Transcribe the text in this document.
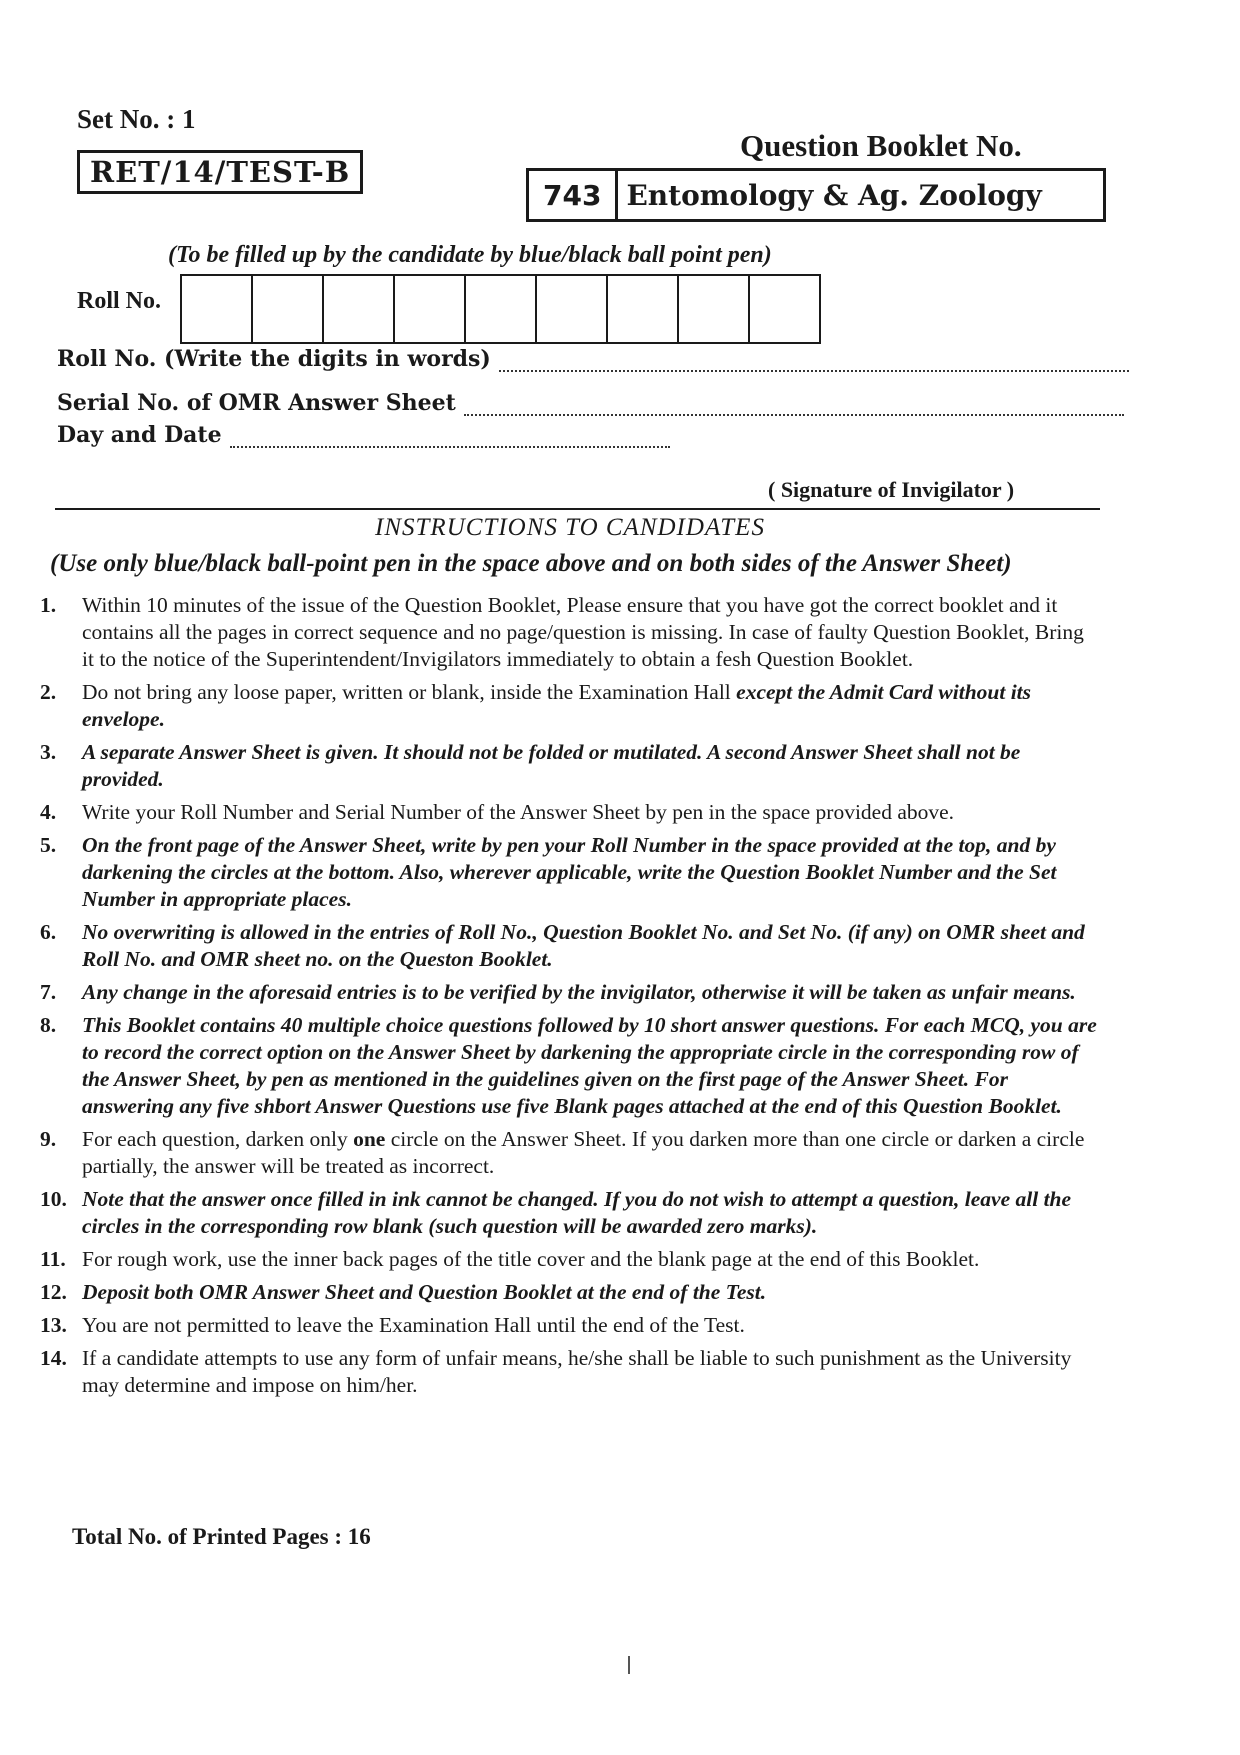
Set No. : 1
RET/14/TEST-B
Question Booklet No.
743 Entomology & Ag. Zoology
(To be filled up by the candidate by blue/black ball point pen)
Roll No.
Roll No. (Write the digits in words)
Serial No. of OMR Answer Sheet
Day and Date
( Signature of Invigilator )
INSTRUCTIONS TO CANDIDATES
(Use only blue/black ball-point pen in the space above and on both sides of the Answer Sheet)
1.	Within 10 minutes of the issue of the Question Booklet, Please ensure that you have got the correct booklet and it contains all the pages in correct sequence and no page/question is missing. In case of faulty Question Booklet, Bring it to the notice of the Superintendent/Invigilators immediately to obtain a fesh Question Booklet.
2.	Do not bring any loose paper, written or blank, inside the Examination Hall except the Admit Card without its envelope.
3.	A separate Answer Sheet is given. It should not be folded or mutilated. A second Answer Sheet shall not be provided.
4.	Write your Roll Number and Serial Number of the Answer Sheet by pen in the space provided above.
5.	On the front page of the Answer Sheet, write by pen your Roll Number in the space provided at the top, and by darkening the circles at the bottom. Also, wherever applicable, write the Question Booklet Number and the Set Number in appropriate places.
6.	No overwriting is allowed in the entries of Roll No., Question Booklet No. and Set No. (if any) on OMR sheet and Roll No. and OMR sheet no. on the Queston Booklet.
7.	Any change in the aforesaid entries is to be verified by the invigilator, otherwise it will be taken as unfair means.
8.	This Booklet contains 40 multiple choice questions followed by 10 short answer questions. For each MCQ, you are to record the correct option on the Answer Sheet by darkening the appropriate circle in the corresponding row of the Answer Sheet, by pen as mentioned in the guidelines given on the first page of the Answer Sheet. For answering any five shbort Answer Questions use five Blank pages attached at the end of this Question Booklet.
9.	For each question, darken only one circle on the Answer Sheet. If you darken more than one circle or darken a circle partially, the answer will be treated as incorrect.
10. Note that the answer once filled in ink cannot be changed. If you do not wish to attempt a question, leave all the circles in the corresponding row blank (such question will be awarded zero marks).
11. For rough work, use the inner back pages of the title cover and the blank page at the end of this Booklet.
12. Deposit both OMR Answer Sheet and Question Booklet at the end of the Test.
13. You are not permitted to leave the Examination Hall until the end of the Test.
14. If a candidate attempts to use any form of unfair means, he/she shall be liable to such punishment as the University may determine and impose on him/her.
Total No. of Printed Pages : 16
